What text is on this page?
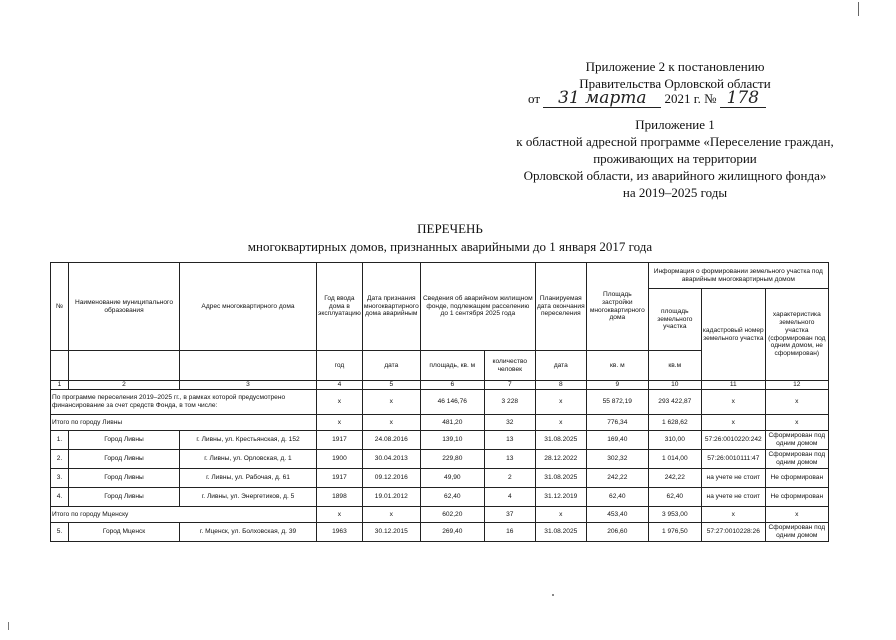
Приложение 2 к постановлению
Правительства Орловской области
от 31 марта 2021 г. № 178
Приложение 1
к областной адресной программе «Переселение граждан,
проживающих на территории
Орловской области, из аварийного жилищного фонда»
на 2019–2025 годы
ПЕРЕЧЕНЬ
многоквартирных домов, признанных аварийными до 1 января 2017 года
№	Наименование муниципального образования	Адрес многоквартирного дома	Год ввода дома в эксплуатацию	Дата признания многоквартирного дома аварийным	Сведения об аварийном жилищном фонде, подлежащем расселению до 1 сентября 2025 года		Планируемая дата окончания переселения	Площадь застройки многоквартирного дома	Информация о формировании земельного участка под аварийным многоквартирным домом		
									площадь земельного участка	кадастровый номер земельного участка	характеристика земельного участка (сформирован под одним домом, не сформирован)
			год	дата	площадь, кв. м	количество человек	дата	кв. м	кв.м		
1	2	3	4	5	6	7	8	9	10	11	12
По программе переселения 2019–2025 гг., в рамках которой предусмотрено финансирование за счет средств Фонда, в том числе:			х	х	46 146,76	3 228	х	55 872,19	293 422,87	х	х
Итого по городу Ливны			х	х	481,20	32	х	776,34	1 628,62	х	х
1.	Город Ливны	г. Ливны, ул. Крестьянская, д. 152	1917	24.08.2016	139,10	13	31.08.2025	169,40	310,00	57:26:0010220:242	Сформирован под одним домом
2.	Город Ливны	г. Ливны, ул. Орловская, д. 1	1900	30.04.2013	229,80	13	28.12.2022	302,32	1 014,00	57:26:0010111:47	Сформирован под одним домом
3.	Город Ливны	г. Ливны, ул. Рабочая, д. 61	1917	09.12.2016	49,90	2	31.08.2025	242,22	242,22	на учете не стоит	Не сформирован
4.	Город Ливны	г. Ливны, ул. Энергетиков, д. 5	1898	19.01.2012	62,40	4	31.12.2019	62,40	62,40	на учете не стоит	Не сформирован
Итого по городу Мценску			х	х	602,20	37	х	453,40	3 953,00	х	х
5.	Город Мценск	г. Мценск, ул. Болховская, д. 39	1963	30.12.2015	269,40	16	31.08.2025	206,60	1 976,50	57:27:0010228:26	Сформирован под одним домом
